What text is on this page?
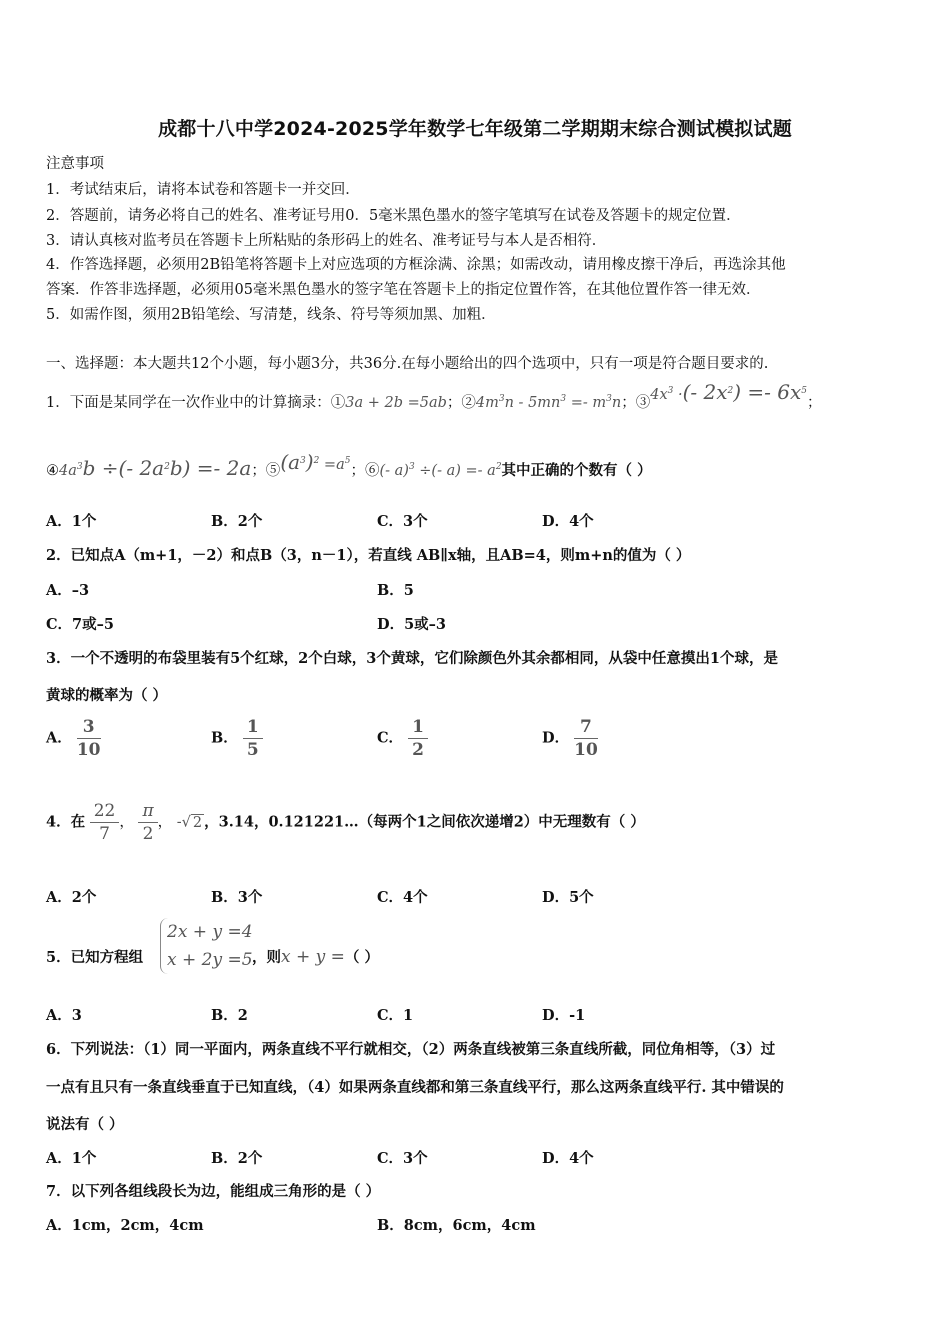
成都十八中学2024-2025学年数学七年级第二学期期末综合测试模拟试题
注意事项
1．考试结束后，请将本试卷和答题卡一并交回．
2．答题前，请务必将自己的姓名、准考证号用0．5毫米黑色墨水的签字笔填写在试卷及答题卡的规定位置．
3．请认真核对监考员在答题卡上所粘贴的条形码上的姓名、准考证号与本人是否相符．
4．作答选择题，必须用2B铅笔将答题卡上对应选项的方框涂满、涂黑；如需改动，请用橡皮擦干净后，再选涂其他
答案．作答非选择题，必须用05毫米黑色墨水的签字笔在答题卡上的指定位置作答，在其他位置作答一律无效．
5．如需作图，须用2B铅笔绘、写清楚，线条、符号等须加黑、加粗．
一、选择题：本大题共12个小题，每小题3分，共36分.在每小题给出的四个选项中，只有一项是符合题目要求的.
1．下面是某同学在一次作业中的计算摘录：①3a + 2b =5ab；$②4m^3n - 5mn^3 =- m^3n$；$③4x^3$ ·(- $2x^2) =- 6x^5$；
$④4a^3b$ ÷(- $2a^2b) =- 2a$；$⑤(a^3)^2 =a^5$；⑥(- a)$^3$ ÷(- $a) =- a^2$其中正确的个数有（ ）
A．1个	B．2个	C．3个	D．4个
2．已知点A（m+1，－2）和点B（3，n－1），若直线 AB∥x轴，且AB=4，则m+n的值为（ ）
A．–3	B．5
C．7或–5	D．5或–3
3．一个不透明的布袋里装有5个红球，2个白球，3个黄球，它们除颜色外其余都相同，从袋中任意摸出1个球，是
黄球的概率为（ ）
A． $\frac{3}{10}$	B． $\frac{1}{5}$	C． $\frac{1}{2}$	D． $\frac{7}{10}$
4．在 $\frac{22}{7}$ ， $\frac{\pi}{2}$ ， -√ 2 ，3.14，0.121221…（每两个1之间依次递增2）中无理数有（ ）
A．2个	B．3个	C．4个	D．5个
5．已知方程组
2x + y =4
x + 2y =5 ，则x + y =（ ）
A．3	B．2	C．1	D．-1
6．下列说法：（1）同一平面内，两条直线不平行就相交，（2）两条直线被第三条直线所截，同位角相等，（3）过
一点有且只有一条直线垂直于已知直线，（4）如果两条直线都和第三条直线平行，那么这两条直线平行. 其中错误的
说法有（ ）
A．1个	B．2个	C．3个	D．4个
7．以下列各组线段长为边，能组成三角形的是（ ）
A．1cm，2cm，4cm	B．8cm，6cm，4cm
